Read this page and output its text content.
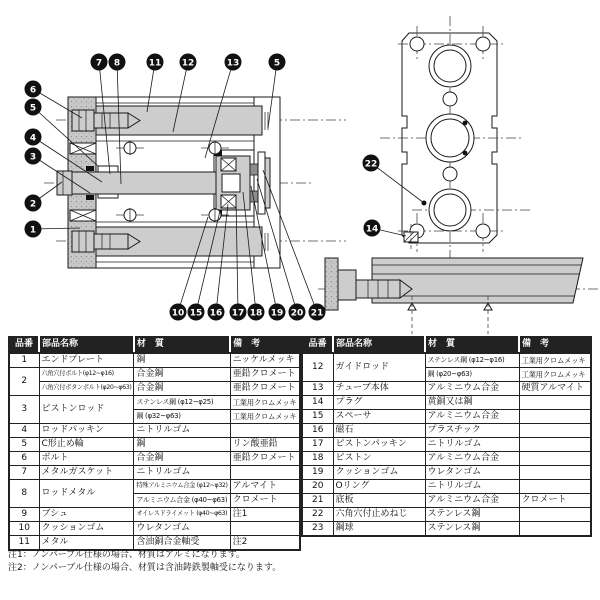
7 8	11 12	13	5
6
5
4
3
2
1
10 15 16 17 18 19 20 21
22
14
品番	部品名称	材　質	備　考
1	エンドプレート	鋼	ニッケルメッキ
2	六角穴付ボルト(φ12~φ16)	合金鋼	亜鉛クロメート
	六角穴付ボタンボルト(φ20~φ63)	合金鋼	亜鉛クロメート
3	ピストンロッド	ステンレス鋼 (φ12~φ25)	工業用クロムメッキ
		鋼 (φ32~φ63)	工業用クロムメッキ
4	ロッドパッキン	ニトリルゴム	
5	C形止め輪	鋼	リン酸亜鉛
6	ボルト	合金鋼	亜鉛クロメート
7	メタルガスケット	ニトリルゴム	
8	ロッドメタル	特殊アルミニウム合金 (φ12~φ32)	アルマイト
		アルミニウム合金 (φ40~φ63)	クロメート
9	ブシュ	オイレスドライメット (φ40~φ63)	注1
10	クッションゴム	ウレタンゴム	
11	メタル	含油銅合金軸受	注2
品番	部品名称	材　質	備　考
12	ガイドロッド	ステンレス鋼 (φ12~φ16)	工業用クロムメッキ
		鋼 (φ20~φ63)	工業用クロムメッキ
13	チューブ本体	アルミニウム合金	硬質アルマイト
14	プラグ	黄銅又は鋼	
15	スペーサ	アルミニウム合金	
16	磁石	プラスチック	
17	ピストンパッキン	ニトリルゴム	
18	ピストン	アルミニウム合金	
19	クッションゴム	ウレタンゴム	
20	Oリング	ニトリルゴム	
21	底板	アルミニウム合金	クロメート
22	六角穴付止めねじ	ステンレス鋼	
23	鋼球	ステンレス鋼	
注1：ノンパーブル仕様の場合、材質はアルミになります。
注2：ノンパーブル仕様の場合、材質は含油鋳鉄製軸受になります。
